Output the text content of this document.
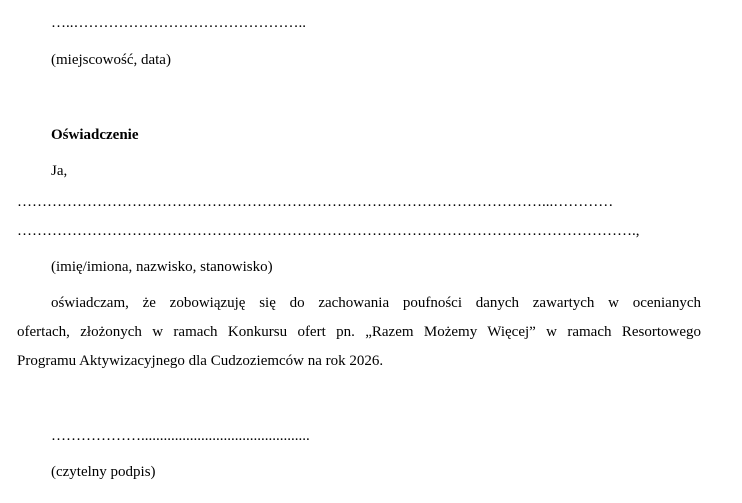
…..………………………………………..
(miejscowość, data)
Oświadczenie
Ja,
……………………………………………………………………………………………...…………
…………………………………………………………………………………………………………….,
(imię/imiona, nazwisko, stanowisko)
oświadczam, że zobowiązuję się do zachowania poufności danych zawartych w ocenianych
ofertach, złożonych w ramach Konkursu ofert pn. „Razem Możemy Więcej” w ramach Resortowego
Programu Aktywizacyjnego dla Cudzoziemców na rok 2026.
……………….............................................
(czytelny podpis)
